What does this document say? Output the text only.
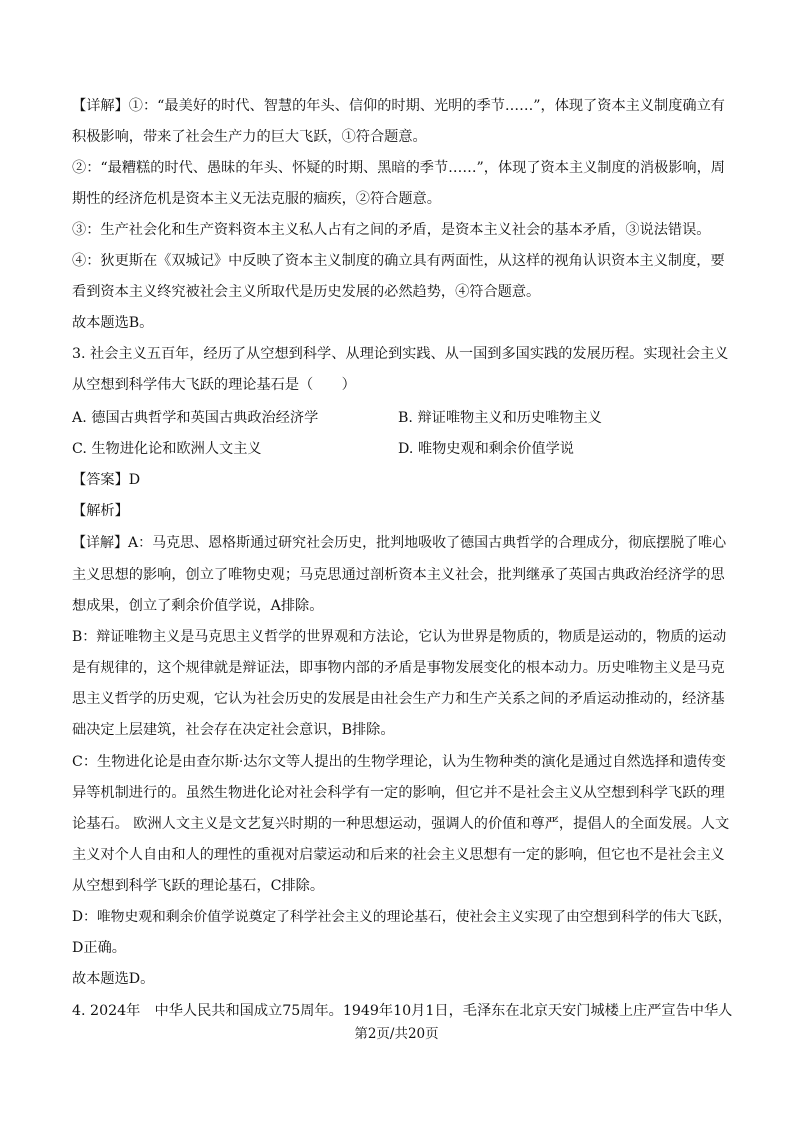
【详解】①：“最美好的时代、智慧的年头、信仰的时期、光明的季节……”，体现了资本主义制度确立有
积极影响，带来了社会生产力的巨大飞跃，①符合题意。
②：“最糟糕的时代、愚昧的年头、怀疑的时期、黑暗的季节……”，体现了资本主义制度的消极影响，周
期性的经济危机是资本主义无法克服的痼疾，②符合题意。
③：生产社会化和生产资料资本主义私人占有之间的矛盾，是资本主义社会的基本矛盾，③说法错误。
④：狄更斯在《双城记》中反映了资本主义制度的确立具有两面性，从这样的视角认识资本主义制度，要
看到资本主义终究被社会主义所取代是历史发展的必然趋势，④符合题意。
故本题选B。
3. 社会主义五百年，经历了从空想到科学、从理论到实践、从一国到多国实践的发展历程。实现社会主义
从空想到科学伟大飞跃的理论基石是（　　）
A. 德国古典哲学和英国古典政治经济学	B. 辩证唯物主义和历史唯物主义
C. 生物进化论和欧洲人文主义	D. 唯物史观和剩余价值学说
【答案】D
【解析】
【详解】A：马克思、恩格斯通过研究社会历史，批判地吸收了德国古典哲学的合理成分，彻底摆脱了唯心
主义思想的影响，创立了唯物史观；马克思通过剖析资本主义社会，批判继承了英国古典政治经济学的思
想成果，创立了剩余价值学说，A排除。
B：辩证唯物主义是马克思主义哲学的世界观和方法论，它认为世界是物质的，物质是运动的，物质的运动
是有规律的，这个规律就是辩证法，即事物内部的矛盾是事物发展变化的根本动力。历史唯物主义是马克
思主义哲学的历史观，它认为社会历史的发展是由社会生产力和生产关系之间的矛盾运动推动的，经济基
础决定上层建筑，社会存在决定社会意识，B排除。
C：生物进化论是由查尔斯·达尔文等人提出的生物学理论，认为生物种类的演化是通过自然选择和遗传变
异等机制进行的。虽然生物进化论对社会科学有一定的影响，但它并不是社会主义从空想到科学飞跃的理
论基石。 欧洲人文主义是文艺复兴时期的一种思想运动，强调人的价值和尊严，提倡人的全面发展。人文
主义对个人自由和人的理性的重视对启蒙运动和后来的社会主义思想有一定的影响，但它也不是社会主义
从空想到科学飞跃的理论基石，C排除。
D：唯物史观和剩余价值学说奠定了科学社会主义的理论基石，使社会主义实现了由空想到科学的伟大飞跃，
D正确。
故本题选D。
4. 2024年　中华人民共和国成立75周年。1949年10月1日，毛泽东在北京天安门城楼上庄严宣告中华人
第2页/共20页
